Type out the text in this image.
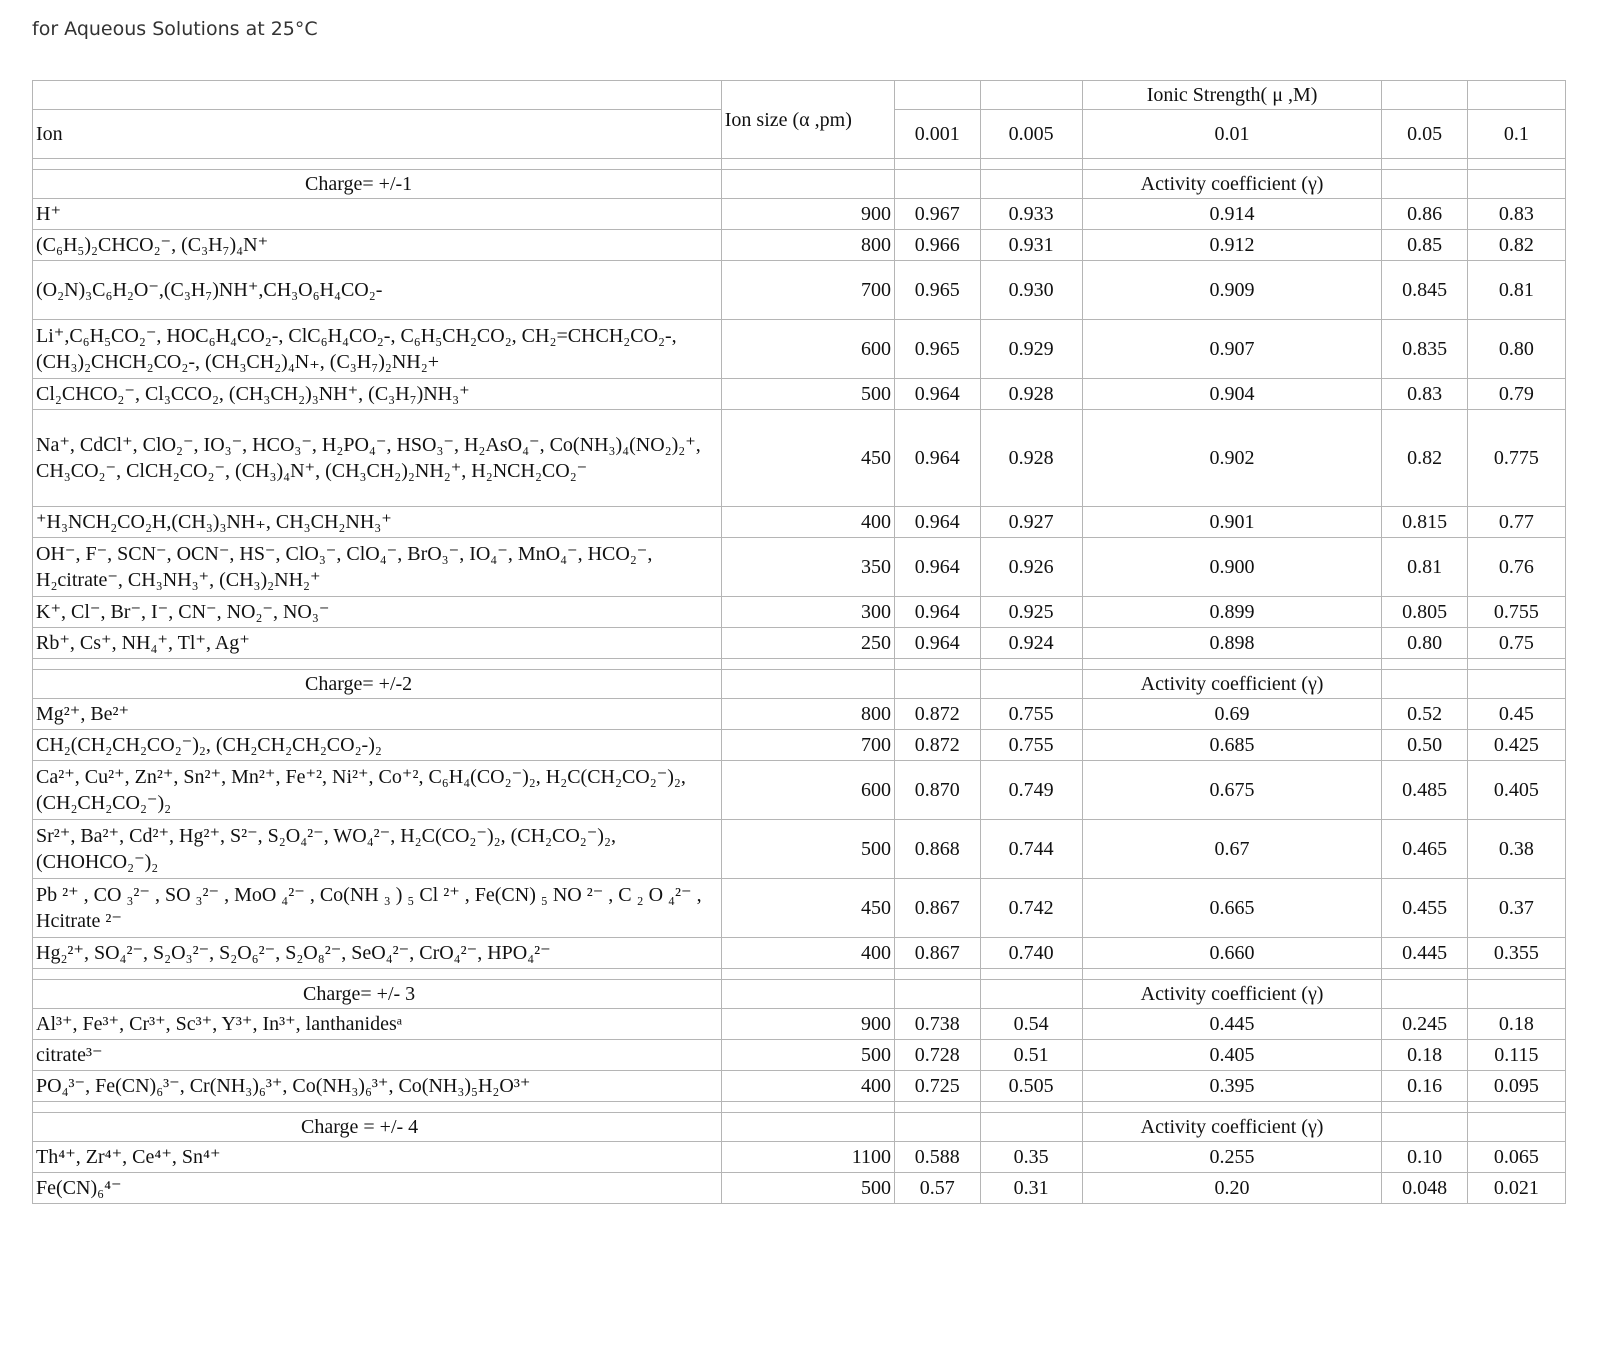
for Aqueous Solutions at 25°C
	Ion size (α ,pm)			Ionic Strength( μ ,M)		
Ion		0.001	0.005	0.01	0.05	0.1

Charge= +/-1				Activity coefficient (γ)		
H⁺	900	0.967	0.933	0.914	0.86	0.83
(C₆H₅)₂CHCO₂⁻, (C₃H₇)₄N⁺	800	0.966	0.931	0.912	0.85	0.82
(O₂N)₃C₆H₂O⁻,(C₃H₇)NH⁺,CH₃O₆H₄CO₂-	700	0.965	0.930	0.909	0.845	0.81
Li⁺,C₆H₅CO₂⁻, HOC₆H₄CO₂-, ClC₆H₄CO₂-, C₆H₅CH₂CO₂, CH₂=CHCH₂CO₂-,(CH₃)₂CHCH₂CO₂-, (CH₃CH₂)₄N₊, (C₃H₇)₂NH₂+	600	0.965	0.929	0.907	0.835	0.80
Cl₂CHCO₂⁻, Cl₃CCO₂, (CH₃CH₂)₃NH⁺, (C₃H₇)NH₃⁺	500	0.964	0.928	0.904	0.83	0.79
Na⁺, CdCl⁺, ClO₂⁻, IO₃⁻, HCO₃⁻, H₂PO₄⁻, HSO₃⁻, H₂AsO₄⁻, Co(NH₃)₄(NO₂)₂⁺, CH₃CO₂⁻, ClCH₂CO₂⁻, (CH₃)₄N⁺, (CH₃CH₂)₂NH₂⁺, H₂NCH₂CO₂⁻	450	0.964	0.928	0.902	0.82	0.775
⁺H₃NCH₂CO₂H,(CH₃)₃NH₊, CH₃CH₂NH₃⁺	400	0.964	0.927	0.901	0.815	0.77
OH⁻, F⁻, SCN⁻, OCN⁻, HS⁻, ClO₃⁻, ClO₄⁻, BrO₃⁻, IO₄⁻, MnO₄⁻, HCO₂⁻, H₂citrate⁻, CH₃NH₃⁺, (CH₃)₂NH₂⁺	350	0.964	0.926	0.900	0.81	0.76
K⁺, Cl⁻, Br⁻, I⁻, CN⁻, NO₂⁻, NO₃⁻	300	0.964	0.925	0.899	0.805	0.755
Rb⁺, Cs⁺, NH₄⁺, Tl⁺, Ag⁺	250	0.964	0.924	0.898	0.80	0.75

Charge= +/-2				Activity coefficient (γ)		
Mg²⁺, Be²⁺	800	0.872	0.755	0.69	0.52	0.45
CH₂(CH₂CH₂CO₂⁻)₂, (CH₂CH₂CH₂CO₂-)₂	700	0.872	0.755	0.685	0.50	0.425
Ca²⁺, Cu²⁺, Zn²⁺, Sn²⁺, Mn²⁺, Fe⁺², Ni²⁺, Co⁺², C₆H₄(CO₂⁻)₂, H₂C(CH₂CO₂⁻)₂, (CH₂CH₂CO₂⁻)₂	600	0.870	0.749	0.675	0.485	0.405
Sr²⁺, Ba²⁺, Cd²⁺, Hg²⁺, S²⁻, S₂O₄²⁻, WO₄²⁻, H₂C(CO₂⁻)₂, (CH₂CO₂⁻)₂, (CHOHCO₂⁻)₂	500	0.868	0.744	0.67	0.465	0.38
Pb ²⁺ , CO ₃²⁻ , SO ₃²⁻ , MoO ₄²⁻ , Co(NH ₃ ) ₅ Cl ²⁺ , Fe(CN) ₅ NO ²⁻ , C ₂ O ₄²⁻ , Hcitrate ²⁻	450	0.867	0.742	0.665	0.455	0.37
Hg₂²⁺, SO₄²⁻, S₂O₃²⁻, S₂O₆²⁻, S₂O₈²⁻, SeO₄²⁻, CrO₄²⁻, HPO₄²⁻	400	0.867	0.740	0.660	0.445	0.355

Charge= +/- 3				Activity coefficient (γ)		
Al³⁺, Fe³⁺, Cr³⁺, Sc³⁺, Y³⁺, In³⁺, lanthanidesᵃ	900	0.738	0.54	0.445	0.245	0.18
citrate³⁻	500	0.728	0.51	0.405	0.18	0.115
PO₄³⁻, Fe(CN)₆³⁻, Cr(NH₃)₆³⁺, Co(NH₃)₆³⁺, Co(NH₃)₅H₂O³⁺	400	0.725	0.505	0.395	0.16	0.095

Charge = +/- 4				Activity coefficient (γ)		
Th⁴⁺, Zr⁴⁺, Ce⁴⁺, Sn⁴⁺	1100	0.588	0.35	0.255	0.10	0.065
Fe(CN)₆⁴⁻	500	0.57	0.31	0.20	0.048	0.021
